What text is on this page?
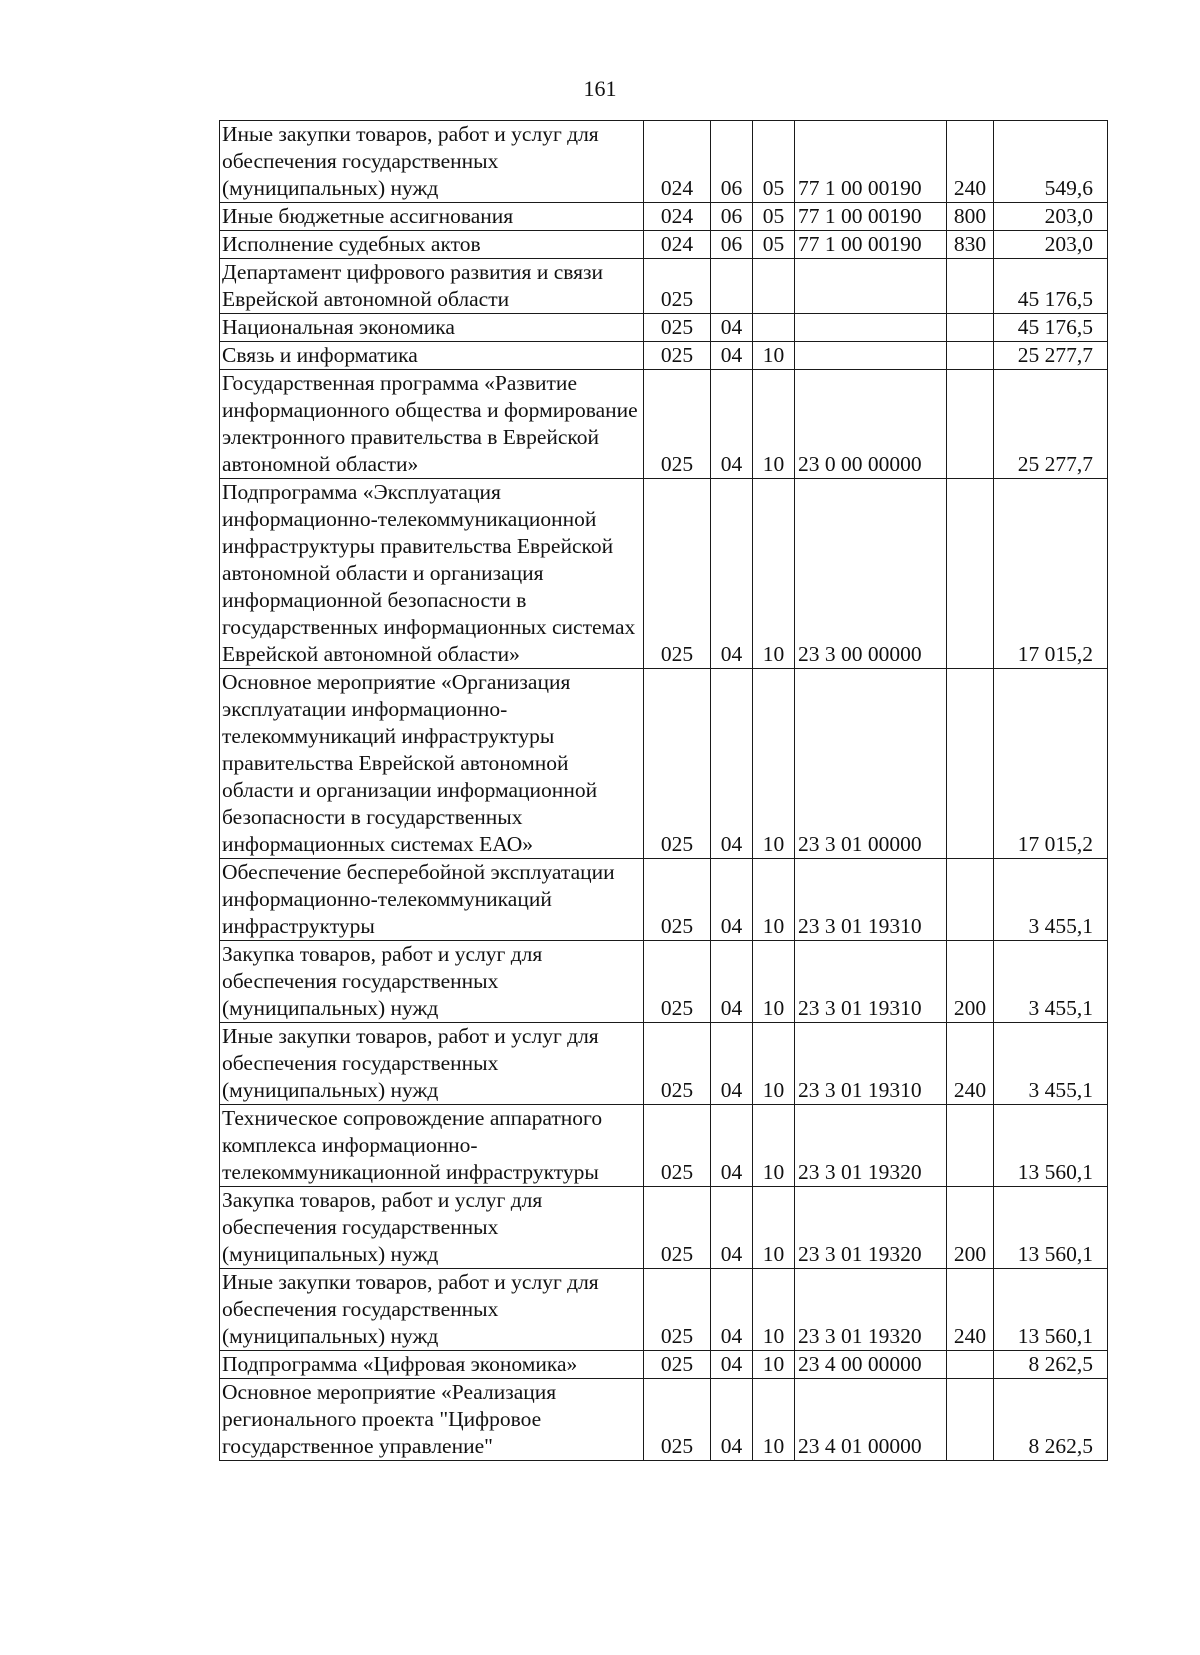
161
Иные закупки товаров, работ и услуг для обеспечения государственных (муниципальных) нужд	024	06	05	77 1 00 00190	240	549,6
Иные бюджетные ассигнования	024	06	05	77 1 00 00190	800	203,0
Исполнение судебных актов	024	06	05	77 1 00 00190	830	203,0
Департамент цифрового развития и связи Еврейской автономной области	025					45 176,5
Национальная экономика	025	04				45 176,5
Связь и информатика	025	04	10			25 277,7
Государственная программа «Развитие информационного общества и формирование электронного правительства в Еврейской автономной области»	025	04	10	23 0 00 00000		25 277,7
Подпрограмма «Эксплуатация информационно-телекоммуникационной инфраструктуры правительства Еврейской автономной области и организация информационной безопасности в государственных информационных системах Еврейской автономной области»	025	04	10	23 3 00 00000		17 015,2
Основное мероприятие «Организация эксплуатации информационно-телекоммуникаций инфраструктуры правительства Еврейской автономной области и организации информационной безопасности в государственных информационных системах ЕАО»	025	04	10	23 3 01 00000		17 015,2
Обеспечение бесперебойной эксплуатации информационно-телекоммуникаций инфраструктуры	025	04	10	23 3 01 19310		3 455,1
Закупка товаров, работ и услуг для обеспечения государственных (муниципальных) нужд	025	04	10	23 3 01 19310	200	3 455,1
Иные закупки товаров, работ и услуг для обеспечения государственных (муниципальных) нужд	025	04	10	23 3 01 19310	240	3 455,1
Техническое сопровождение аппаратного комплекса информационно-телекоммуникационной инфраструктуры	025	04	10	23 3 01 19320		13 560,1
Закупка товаров, работ и услуг для обеспечения государственных (муниципальных) нужд	025	04	10	23 3 01 19320	200	13 560,1
Иные закупки товаров, работ и услуг для обеспечения государственных (муниципальных) нужд	025	04	10	23 3 01 19320	240	13 560,1
Подпрограмма «Цифровая экономика»	025	04	10	23 4 00 00000		8 262,5
Основное мероприятие «Реализация регионального проекта "Цифровое государственное управление"	025	04	10	23 4 01 00000		8 262,5
